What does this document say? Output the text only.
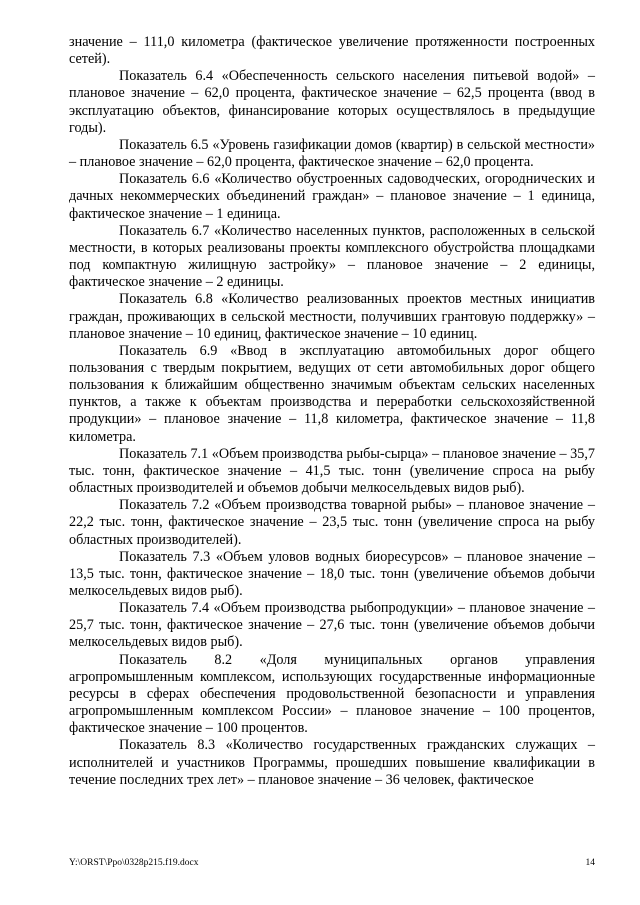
значение – 111,0 километра (фактическое увеличение протяженности построенных сетей).

Показатель 6.4 «Обеспеченность сельского населения питьевой водой» – плановое значение – 62,0 процента, фактическое значение – 62,5 процента (ввод в эксплуатацию объектов, финансирование которых осуществлялось в предыдущие годы).

Показатель 6.5 «Уровень газификации домов (квартир) в сельской местности» – плановое значение – 62,0 процента, фактическое значение – 62,0 процента.

Показатель 6.6 «Количество обустроенных садоводческих, огороднических и дачных некоммерческих объединений граждан» – плановое значение – 1 единица, фактическое значение – 1 единица.

Показатель 6.7 «Количество населенных пунктов, расположенных в сельской местности, в которых реализованы проекты комплексного обустройства площадками под компактную жилищную застройку» – плановое значение – 2 единицы, фактическое значение – 2 единицы.

Показатель 6.8 «Количество реализованных проектов местных инициатив граждан, проживающих в сельской местности, получивших грантовую поддержку» – плановое значение – 10 единиц, фактическое значение – 10 единиц.

Показатель 6.9 «Ввод в эксплуатацию автомобильных дорог общего пользования с твердым покрытием, ведущих от сети автомобильных дорог общего пользования к ближайшим общественно значимым объектам сельских населенных пунктов, а также к объектам производства и переработки сельскохозяйственной продукции» – плановое значение – 11,8 километра, фактическое значение – 11,8 километра.

Показатель 7.1 «Объем производства рыбы-сырца» – плановое значение – 35,7 тыс. тонн, фактическое значение – 41,5 тыс. тонн (увеличение спроса на рыбу областных производителей и объемов добычи мелкосельдевых видов рыб).

Показатель 7.2 «Объем производства товарной рыбы» – плановое значение – 22,2 тыс. тонн, фактическое значение – 23,5 тыс. тонн (увеличение спроса на рыбу областных производителей).

Показатель 7.3 «Объем уловов водных биоресурсов» – плановое значение – 13,5 тыс. тонн, фактическое значение – 18,0 тыс. тонн (увеличение объемов добычи мелкосельдевых видов рыб).

Показатель 7.4 «Объем производства рыбопродукции» – плановое значение – 25,7 тыс. тонн, фактическое значение – 27,6 тыс. тонн (увеличение объемов добычи мелкосельдевых видов рыб).

Показатель 8.2 «Доля муниципальных органов управления агропромышленным комплексом, использующих государственные информационные ресурсы в сферах обеспечения продовольственной безопасности и управления агропромышленным комплексом России» – плановое значение – 100 процентов, фактическое значение – 100 процентов.

Показатель 8.3 «Количество государственных гражданских служащих – исполнителей и участников Программы, прошедших повышение квалификации в течение последних трех лет» – плановое значение – 36 человек, фактическое

Y:\ORST\Ppo\0328p215.f19.docx	14
